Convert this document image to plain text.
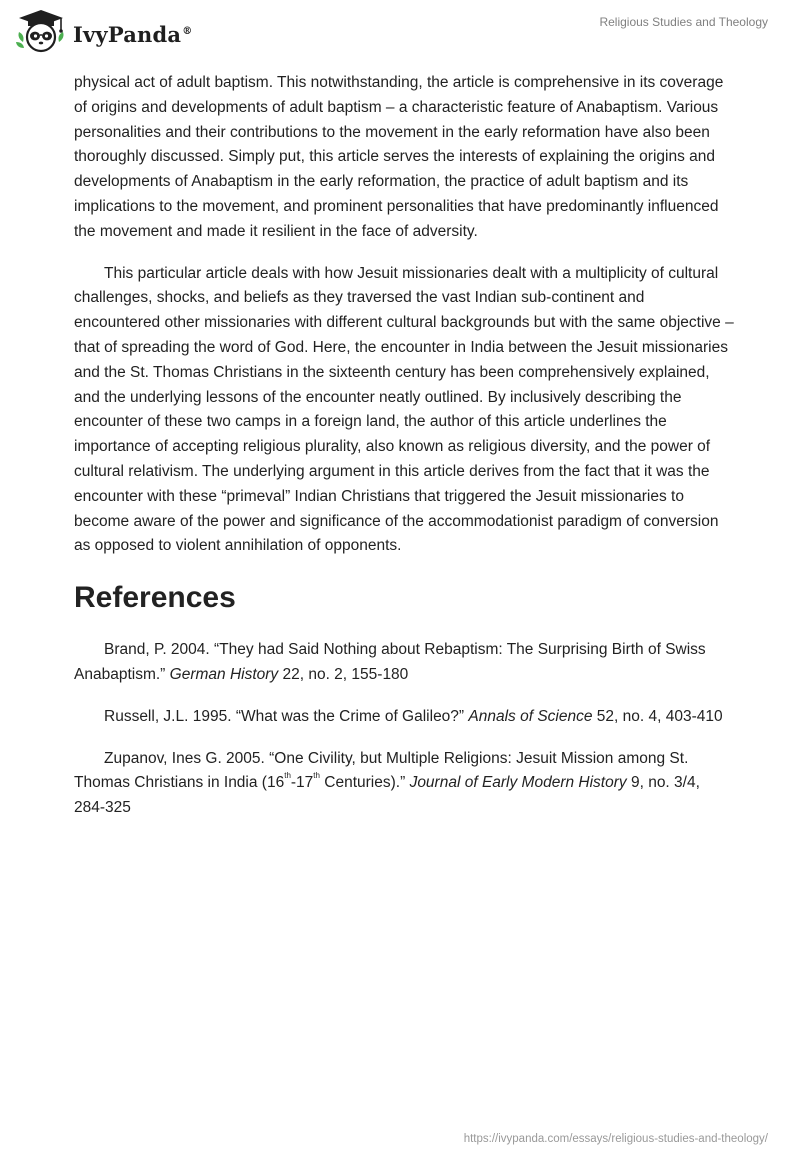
IvyPanda®
Religious Studies and Theology

physical act of adult baptism. This notwithstanding, the article is comprehensive in its coverage of origins and developments of adult baptism – a characteristic feature of Anabaptism. Various personalities and their contributions to the movement in the early reformation have also been thoroughly discussed. Simply put, this article serves the interests of explaining the origins and developments of Anabaptism in the early reformation, the practice of adult baptism and its implications to the movement, and prominent personalities that have predominantly influenced the movement and made it resilient in the face of adversity.

This particular article deals with how Jesuit missionaries dealt with a multiplicity of cultural challenges, shocks, and beliefs as they traversed the vast Indian sub-continent and encountered other missionaries with different cultural backgrounds but with the same objective – that of spreading the word of God. Here, the encounter in India between the Jesuit missionaries and the St. Thomas Christians in the sixteenth century has been comprehensively explained, and the underlying lessons of the encounter neatly outlined. By inclusively describing the encounter of these two camps in a foreign land, the author of this article underlines the importance of accepting religious plurality, also known as religious diversity, and the power of cultural relativism. The underlying argument in this article derives from the fact that it was the encounter with these “primeval” Indian Christians that triggered the Jesuit missionaries to become aware of the power and significance of the accommodationist paradigm of conversion as opposed to violent annihilation of opponents.

References

Brand, P. 2004. “They had Said Nothing about Rebaptism: The Surprising Birth of Swiss Anabaptism.” German History 22, no. 2, 155-180

Russell, J.L. 1995. “What was the Crime of Galileo?” Annals of Science 52, no. 4, 403-410

Zupanov, Ines G. 2005. “One Civility, but Multiple Religions: Jesuit Mission among St. Thomas Christians in India (16th-17th Centuries).” Journal of Early Modern History 9, no. 3/4, 284-325

https://ivypanda.com/essays/religious-studies-and-theology/
